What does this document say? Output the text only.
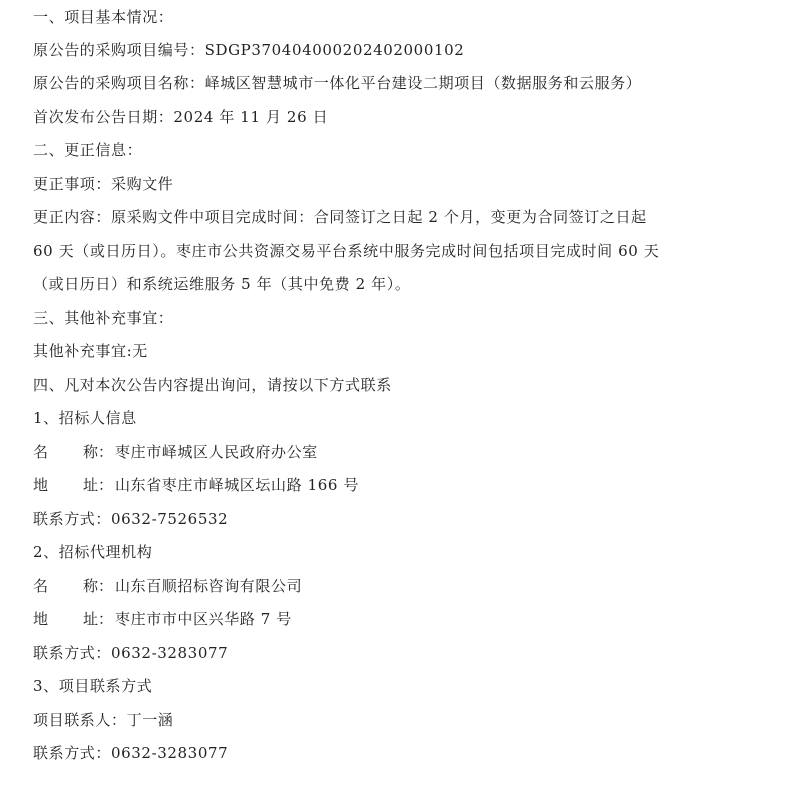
一、项目基本情况：
原公告的采购项目编号：SDGP370404000202402000102
原公告的采购项目名称：峄城区智慧城市一体化平台建设二期项目（数据服务和云服务）
首次发布公告日期：2024 年 11 月 26 日
二、更正信息：
更正事项：采购文件
更正内容：原采购文件中项目完成时间：合同签订之日起 2 个月，变更为合同签订之日起
60 天（或日历日）。枣庄市公共资源交易平台系统中服务完成时间包括项目完成时间 60 天
（或日历日）和系统运维服务 5 年（其中免费 2 年）。
三、其他补充事宜：
其他补充事宜:无
四、凡对本次公告内容提出询问，请按以下方式联系
1、招标人信息
名 称： 枣庄市峄城区人民政府办公室
地 址： 山东省枣庄市峄城区坛山路 166 号
联系方式：0632-7526532
2、招标代理机构
名 称： 山东百顺招标咨询有限公司
地 址： 枣庄市市中区兴华路 7 号
联系方式：0632-3283077
3、项目联系方式
项目联系人：丁一涵
联系方式：0632-3283077
